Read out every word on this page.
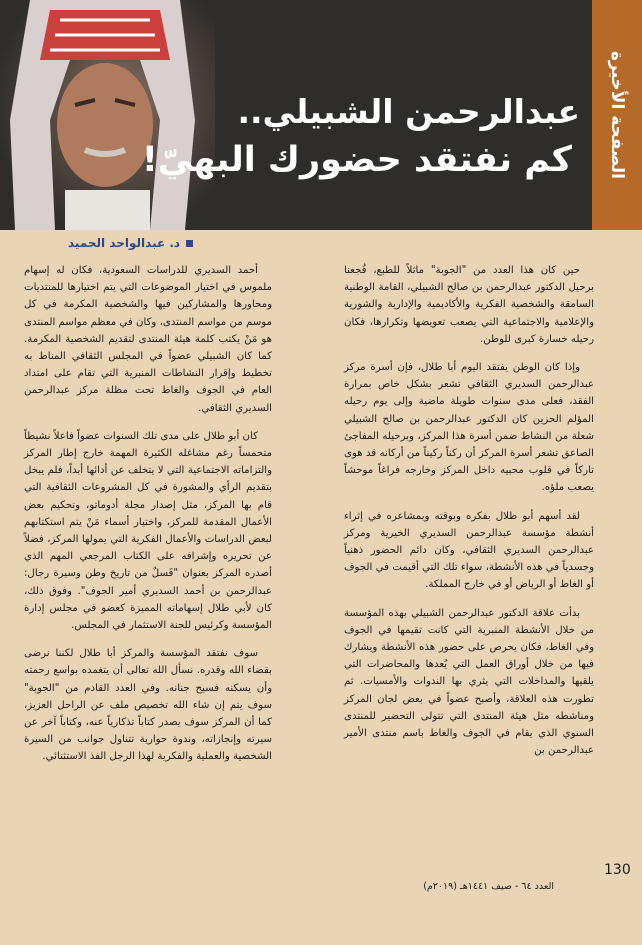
عبدالرحمن الشبيلي..
كم نفتقد حضورك البهيّ! الصفحة الأخيرة
د. عبدالواحد الحميد

حين كان هذا العدد من "الجوبة" ماثلاً للطبع، فُجعنا برحيل الدكتور عبدالرحمن بن صالح الشبيلي، القامة الوطنية السامقة والشخصية الفكرية والأكاديمية والإدارية والشورية والإعلامية والاجتماعية التي يصعب تعويضها وتكرارها، فكان رحيله خسارة كبرى للوطن.

وإذا كان الوطن يفتقد اليوم أبا طلال، فإن أسرة مركز عبدالرحمن السديري الثقافي تشعر بشكل خاص بمرارة الفقد، فعلى مدى سنوات طويلة ماضية وإلى يوم رحيله المؤلم الحزين كان الدكتور عبدالرحمن بن صالح الشبيلي شعلة من النشاط ضمن أسرة هذا المركز، وبرحيله المفاجئ الصاعق تشعر أسرة المركز أن ركناً ركيناً من أركانه قد هوى تاركاً في قلوب محبيه داخل المركز وخارجه فراغاً موحشاً يصعب ملؤه.

لقد أسهم أبو طلال بفكره وبوقته وبمشاعره في إثراء أنشطة مؤسسة عبدالرحمن السديري الخيرية ومركز عبدالرحمن السديري الثقافي، وكان دائم الحضور ذهنياً وجسدياً في هذه الأنشطة، سواء تلك التي أقيمت في الجوف أو الغاط أو الرياض أو في خارج المملكة.

بدأت علاقة الدكتور عبدالرحمن الشبيلي بهذه المؤسسة من خلال الأنشطة المنبرية التي كانت تقيمها في الجوف وفي الغاط، فكان يحرص على حضور هذه الأنشطة ويشارك فيها من خلال أوراق العمل التي يُعدها والمحاضرات التي يلقيها والمداخلات التي يثري بها الندوات والأمسيات. ثم تطورت هذه العلاقة، وأصبح عضواً في بعض لجان المركز ومناشطه مثل هيئة المنتدى التي تتولى التحضير للمنتدى السنوي الذي يقام في الجوف والغاط باسم منتدى الأمير عبدالرحمن بن

أحمد السديري للدراسات السعودية، فكان له إسهام ملموس في اختيار الموضوعات التي يتم اختيارها للمنتديات ومحاورها والمشاركين فيها والشخصية المكرمة في كل موسم من مواسم المنتدى، وكان في معظم مواسم المنتدى هو مَنْ يكتب كلمة هيئة المنتدى لتقديم الشخصية المكرمة. كما كان الشبيلي عضواً في المجلس الثقافي المناط به تخطيط وإقرار النشاطات المنبرية التي تقام على امتداد العام في الجوف والغاط تحت مظلة مركز عبدالرحمن السديري الثقافي.

كان أبو طلال على مدى تلك السنوات عضواً فاعلاً نشيطاً متحمساً رغم مشاغله الكثيرة المهمة خارج إطار المركز والتزاماته الاجتماعية التي لا يتخلف عن أدائها أبداً، فلم يبخل بتقديم الرأي والمشورة في كل المشروعات الثقافية التي قام بها المركز، مثل إصدار مجلة أدوماتو، وتحكيم بعض الأعمال المقدمة للمركز، واختيار أسماء مَنْ يتم استكتابهم لبعض الدراسات والأعمال الفكرية التي يمولها المركز، فضلاً عن تحريره وإشرافه على الكتاب المرجعي المهم الذي أصدره المركز بعنوان "فَسلٌ من تاريخ وطن وسيرة رجال: عبدالرحمن بن أحمد السديري أمير الجوف". وفوق ذلك، كان لأبي طلال إسهاماته المميزة كعضو في مجلس إدارة المؤسسة وكرئيس للجنة الاستثمار في المجلس.

سوف نفتقد المؤسسة والمركز أبا طلال لكننا نرضى بقضاء الله وقدره. نسأل الله تعالى أن يتغمده بواسع رحمته وأن يسكنه فسيح جنانه. وفي العدد القادم من "الجوبة" سوف يتم إن شاء الله تخصيص ملف عن الراحل العزيز، كما أن المركز سوف يصدر كتاباً تذكارياً عنه، وكتاباً آخر عن سيرته وإنجازاته، وندوة حوارية تتناول جوانب من السيرة الشخصية والعملية والفكرية لهذا الرجل الفذ الاستثنائي.

130
العدد ٦٤ - صيف ١٤٤١هـ (٢٠١٩م)
